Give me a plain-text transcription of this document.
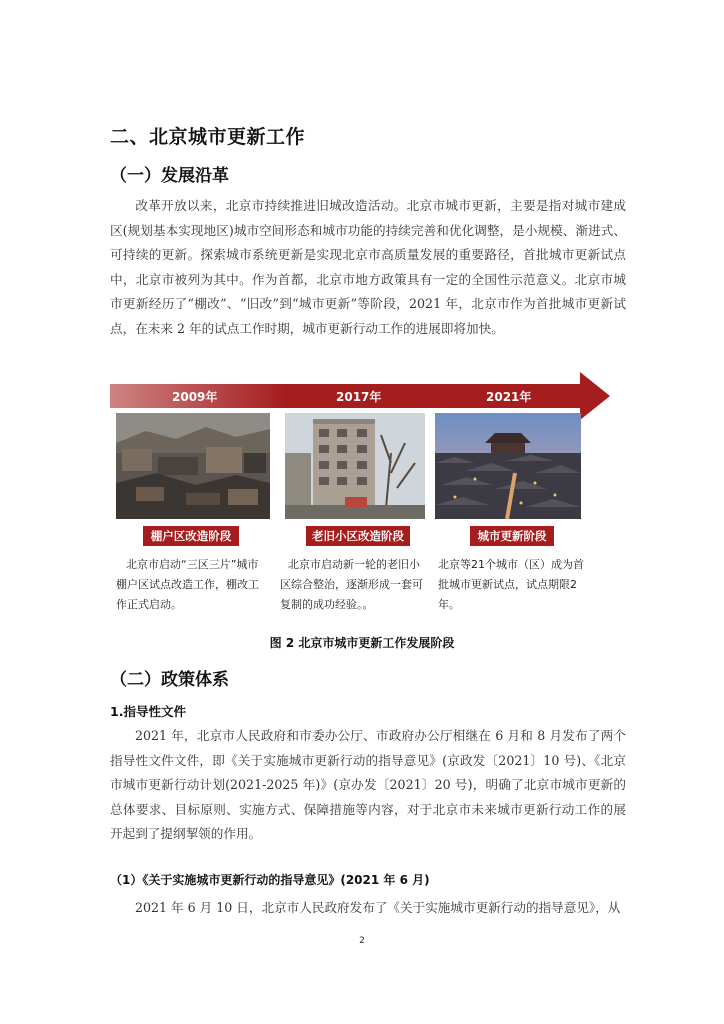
二、北京城市更新工作
（一）发展沿革

改革开放以来，北京市持续推进旧城改造活动。北京市城市更新，主要是指对城市建成区(规划基本实现地区)城市空间形态和城市功能的持续完善和优化调整，是小规模、渐进式、可持续的更新。探索城市系统更新是实现北京市高质量发展的重要路径，首批城市更新试点中，北京市被列为其中。作为首都，北京市地方政策具有一定的全国性示范意义。北京市城市更新经历了“棚改”、“旧改”到“城市更新”等阶段，2021 年，北京市作为首批城市更新试点，在未来 2 年的试点工作时期，城市更新行动工作的进展即将加快。

2009年	2017年	2021年
棚户区改造阶段	老旧小区改造阶段	城市更新阶段
北京市启动“三区三片”城市棚户区试点改造工作，棚改工作正式启动。
北京市启动新一轮的老旧小区综合整治，逐渐形成一套可复制的成功经验。。
北京等21个城市（区）成为首批城市更新试点，试点期限2年。
图 2 北京市城市更新工作发展阶段
（二）政策体系
1.指导性文件

2021 年，北京市人民政府和市委办公厅、市政府办公厅相继在 6 月和 8 月发布了两个指导性文件文件，即《关于实施城市更新行动的指导意见》(京政发〔2021〕10 号)、《北京市城市更新行动计划(2021-2025 年)》(京办发〔2021〕20 号)，明确了北京市城市更新的总体要求、目标原则、实施方式、保障措施等内容，对于北京市未来城市更新行动工作的展开起到了提纲挈领的作用。

（1）《关于实施城市更新行动的指导意见》(2021 年 6 月)

2021 年 6 月 10 日，北京市人民政府发布了《关于实施城市更新行动的指导意见》，从

2
